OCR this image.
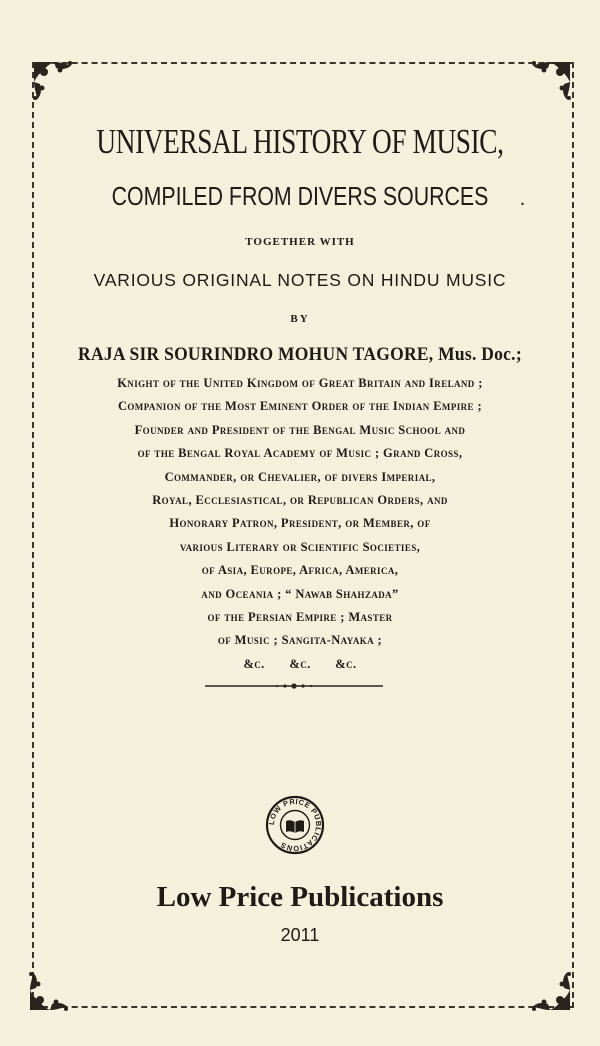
UNIVERSAL HISTORY OF MUSIC,
COMPILED FROM DIVERS SOURCES	.
TOGETHER WITH
VARIOUS ORIGINAL NOTES ON HINDU MUSIC
BY
RAJA SIR SOURINDRO MOHUN TAGORE, Mus. Doc.;
Knight of the United Kingdom of Great Britain and Ireland ;
Companion of the Most Eminent Order of the Indian Empire ;
Founder and President of the Bengal Music School and
of the Bengal Royal Academy of Music ; Grand Cross,
Commander, or Chevalier, of divers Imperial,
Royal, Ecclesiastical, or Republican Orders, and
Honorary Patron, President, or Member, of
various Literary or Scientific Societies,
of Asia, Europe, Africa, America,
and Oceania ; “ Nawab Shahzada”
of the Persian Empire ; Master
of Music ; Sangita-Nayaka ;
&c.       &c.       &c.
LOW PRICE PUBLICATIONS
Low Price Publications
2011
